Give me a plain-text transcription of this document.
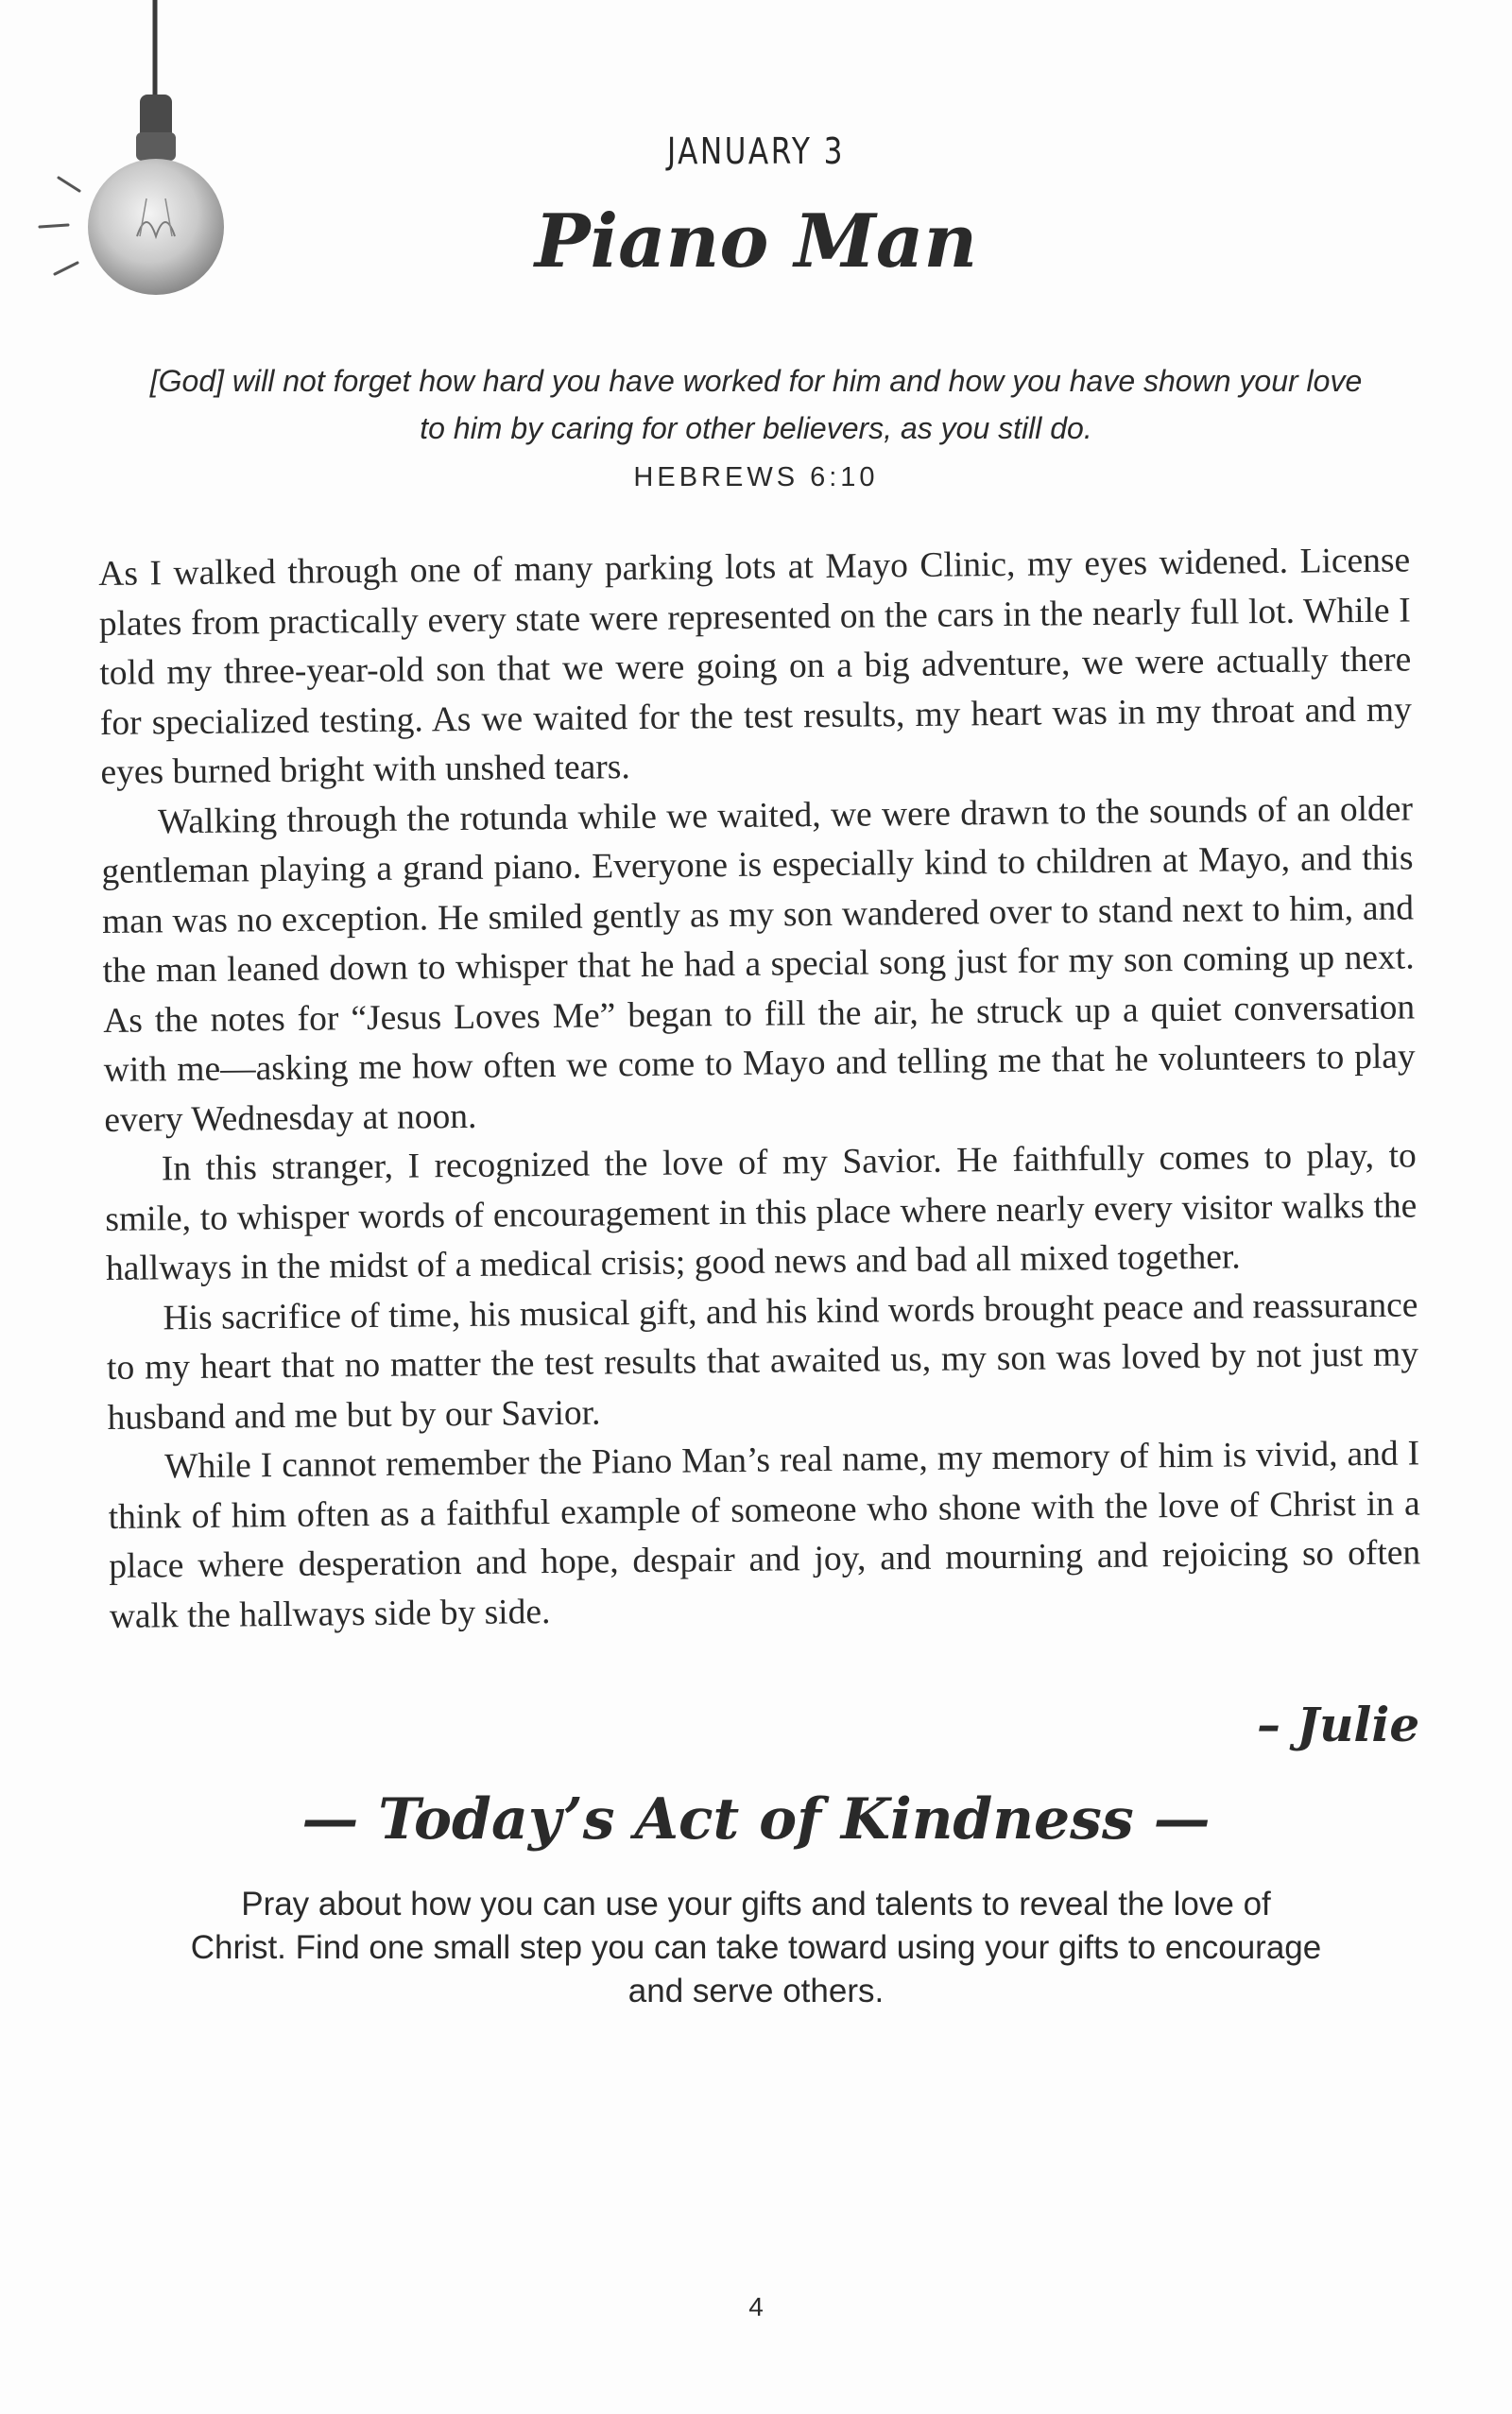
JANUARY 3
Piano Man
[God] will not forget how hard you have worked for him and how you have shown your love to him by caring for other believers, as you still do.
HEBREWS 6:10

As I walked through one of many parking lots at Mayo Clinic, my eyes widened. License plates from practically every state were represented on the cars in the nearly full lot. While I told my three-year-old son that we were going on a big adventure, we were actually there for specialized testing. As we waited for the test results, my heart was in my throat and my eyes burned bright with unshed tears.

Walking through the rotunda while we waited, we were drawn to the sounds of an older gentleman playing a grand piano. Everyone is especially kind to children at Mayo, and this man was no exception. He smiled gently as my son wandered over to stand next to him, and the man leaned down to whisper that he had a special song just for my son coming up next. As the notes for “Jesus Loves Me” began to fill the air, he struck up a quiet conversation with me—asking me how often we come to Mayo and telling me that he volunteers to play every Wednesday at noon.

In this stranger, I recognized the love of my Savior. He faithfully comes to play, to smile, to whisper words of encouragement in this place where nearly every visitor walks the hallways in the midst of a medical crisis; good news and bad all mixed together.

His sacrifice of time, his musical gift, and his kind words brought peace and reassurance to my heart that no matter the test results that awaited us, my son was loved by not just my husband and me but by our Savior.

While I cannot remember the Piano Man’s real name, my memory of him is vivid, and I think of him often as a faithful example of someone who shone with the love of Christ in a place where desperation and hope, despair and joy, and mourning and rejoicing so often walk the hallways side by side.

– Julie
— Today’s Act of Kindness —
Pray about how you can use your gifts and talents to reveal the love of Christ. Find one small step you can take toward using your gifts to encourage and serve others.
4
